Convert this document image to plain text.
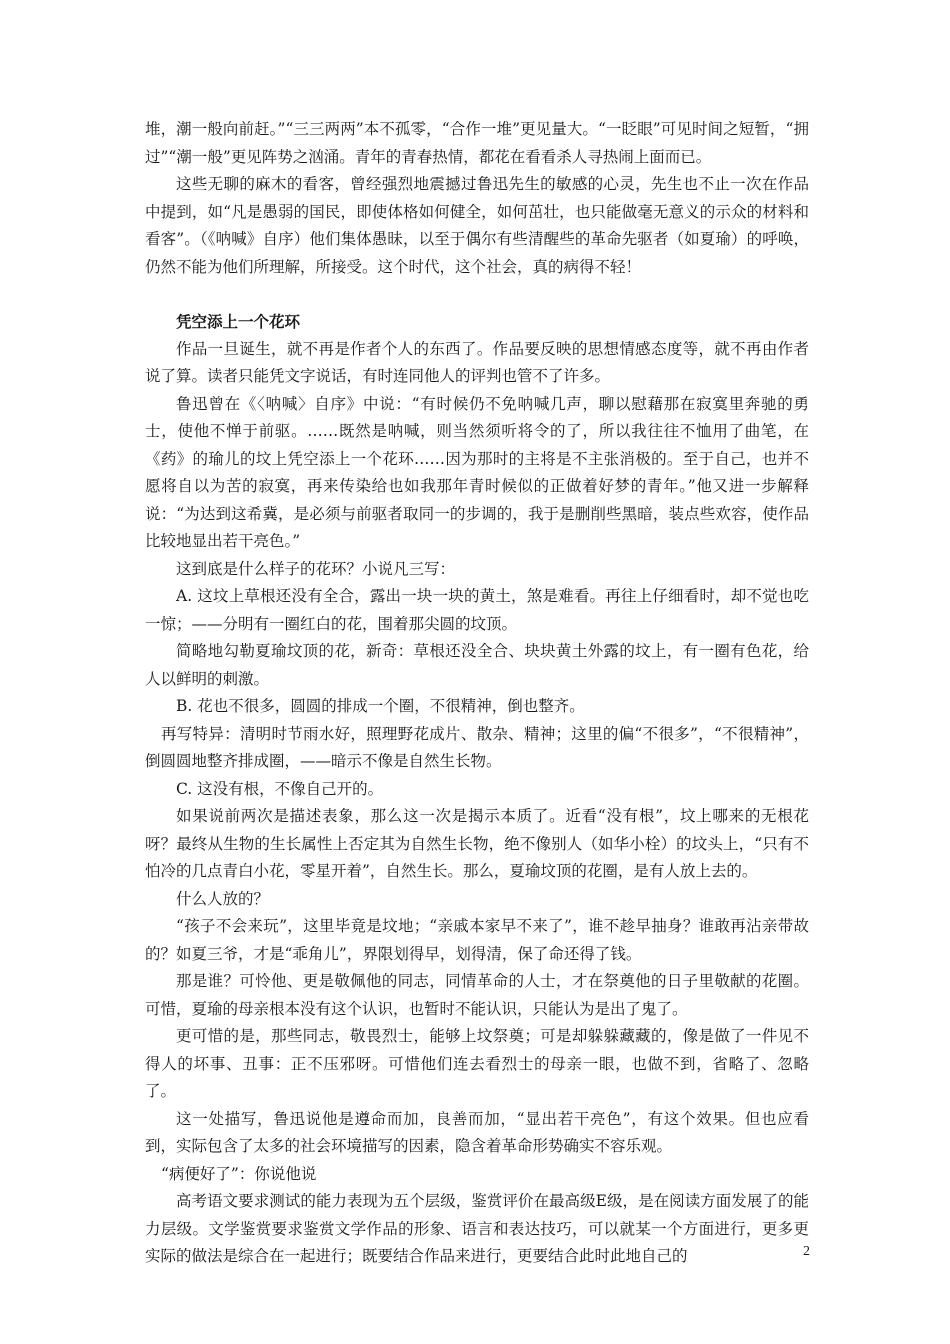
堆，潮一般向前赶。”“三三两两”本不孤零，“合作一堆”更见量大。“一眨眼”可见时间之短暂，“拥过”“潮一般”更见阵势之汹涌。青年的青春热情，都花在看看杀人寻热闹上面而已。

这些无聊的麻木的看客，曾经强烈地震撼过鲁迅先生的敏感的心灵，先生也不止一次在作品中提到，如“凡是愚弱的国民，即使体格如何健全，如何茁壮，也只能做毫无意义的示众的材料和看客”。（《呐喊》自序）他们集体愚昧，以至于偶尔有些清醒些的革命先驱者（如夏瑜）的呼唤，仍然不能为他们所理解，所接受。这个时代，这个社会，真的病得不轻！

凭空添上一个花环

作品一旦诞生，就不再是作者个人的东西了。作品要反映的思想情感态度等，就不再由作者说了算。读者只能凭文字说话，有时连同他人的评判也管不了许多。

鲁迅曾在《〈呐喊〉自序》中说：“有时候仍不免呐喊几声，聊以慰藉那在寂寞里奔驰的勇士，使他不惮于前驱。……既然是呐喊，则当然须听将令的了，所以我往往不恤用了曲笔，在《药》的瑜儿的坟上凭空添上一个花环……因为那时的主将是不主张消极的。至于自己，也并不愿将自以为苦的寂寞，再来传染给也如我那年青时候似的正做着好梦的青年。”他又进一步解释说：“为达到这希冀，是必须与前驱者取同一的步调的，我于是删削些黑暗，装点些欢容，使作品比较地显出若干亮色。”

这到底是什么样子的花环？小说凡三写：

A. 这坟上草根还没有全合，露出一块一块的黄土，煞是难看。再往上仔细看时，却不觉也吃一惊；——分明有一圈红白的花，围着那尖圆的坟顶。

简略地勾勒夏瑜坟顶的花，新奇：草根还没全合、块块黄土外露的坟上，有一圈有色花，给人以鲜明的刺激。

B. 花也不很多，圆圆的排成一个圈，不很精神，倒也整齐。

再写特异：清明时节雨水好，照理野花成片、散杂、精神；这里的偏“不很多”，“不很精神”，倒圆圆地整齐排成圈，——暗示不像是自然生长物。

C. 这没有根，不像自己开的。

如果说前两次是描述表象，那么这一次是揭示本质了。近看“没有根”，坟上哪来的无根花呀？最终从生物的生长属性上否定其为自然生长物，绝不像别人（如华小栓）的坟头上，“只有不怕冷的几点青白小花，零星开着”，自然生长。那么，夏瑜坟顶的花圈，是有人放上去的。

什么人放的？

“孩子不会来玩”，这里毕竟是坟地；“亲戚本家早不来了”，谁不趁早抽身？谁敢再沾亲带故的？如夏三爷，才是“乖角儿”，界限划得早，划得清，保了命还得了钱。

那是谁？可怜他、更是敬佩他的同志，同情革命的人士，才在祭奠他的日子里敬献的花圈。可惜，夏瑜的母亲根本没有这个认识，也暂时不能认识，只能认为是出了鬼了。

更可惜的是，那些同志，敬畏烈士，能够上坟祭奠；可是却躲躲藏藏的，像是做了一件见不得人的坏事、丑事：正不压邪呀。可惜他们连去看烈士的母亲一眼，也做不到，省略了、忽略了。

这一处描写，鲁迅说他是遵命而加，良善而加，“显出若干亮色”，有这个效果。但也应看到，实际包含了太多的社会环境描写的因素，隐含着革命形势确实不容乐观。

“病便好了”：你说他说

高考语文要求测试的能力表现为五个层级，鉴赏评价在最高级E级，是在阅读方面发展了的能力层级。文学鉴赏要求鉴赏文学作品的形象、语言和表达技巧，可以就某一个方面进行，更多更实际的做法是综合在一起进行；既要结合作品来进行，更要结合此时此地自己的	2
